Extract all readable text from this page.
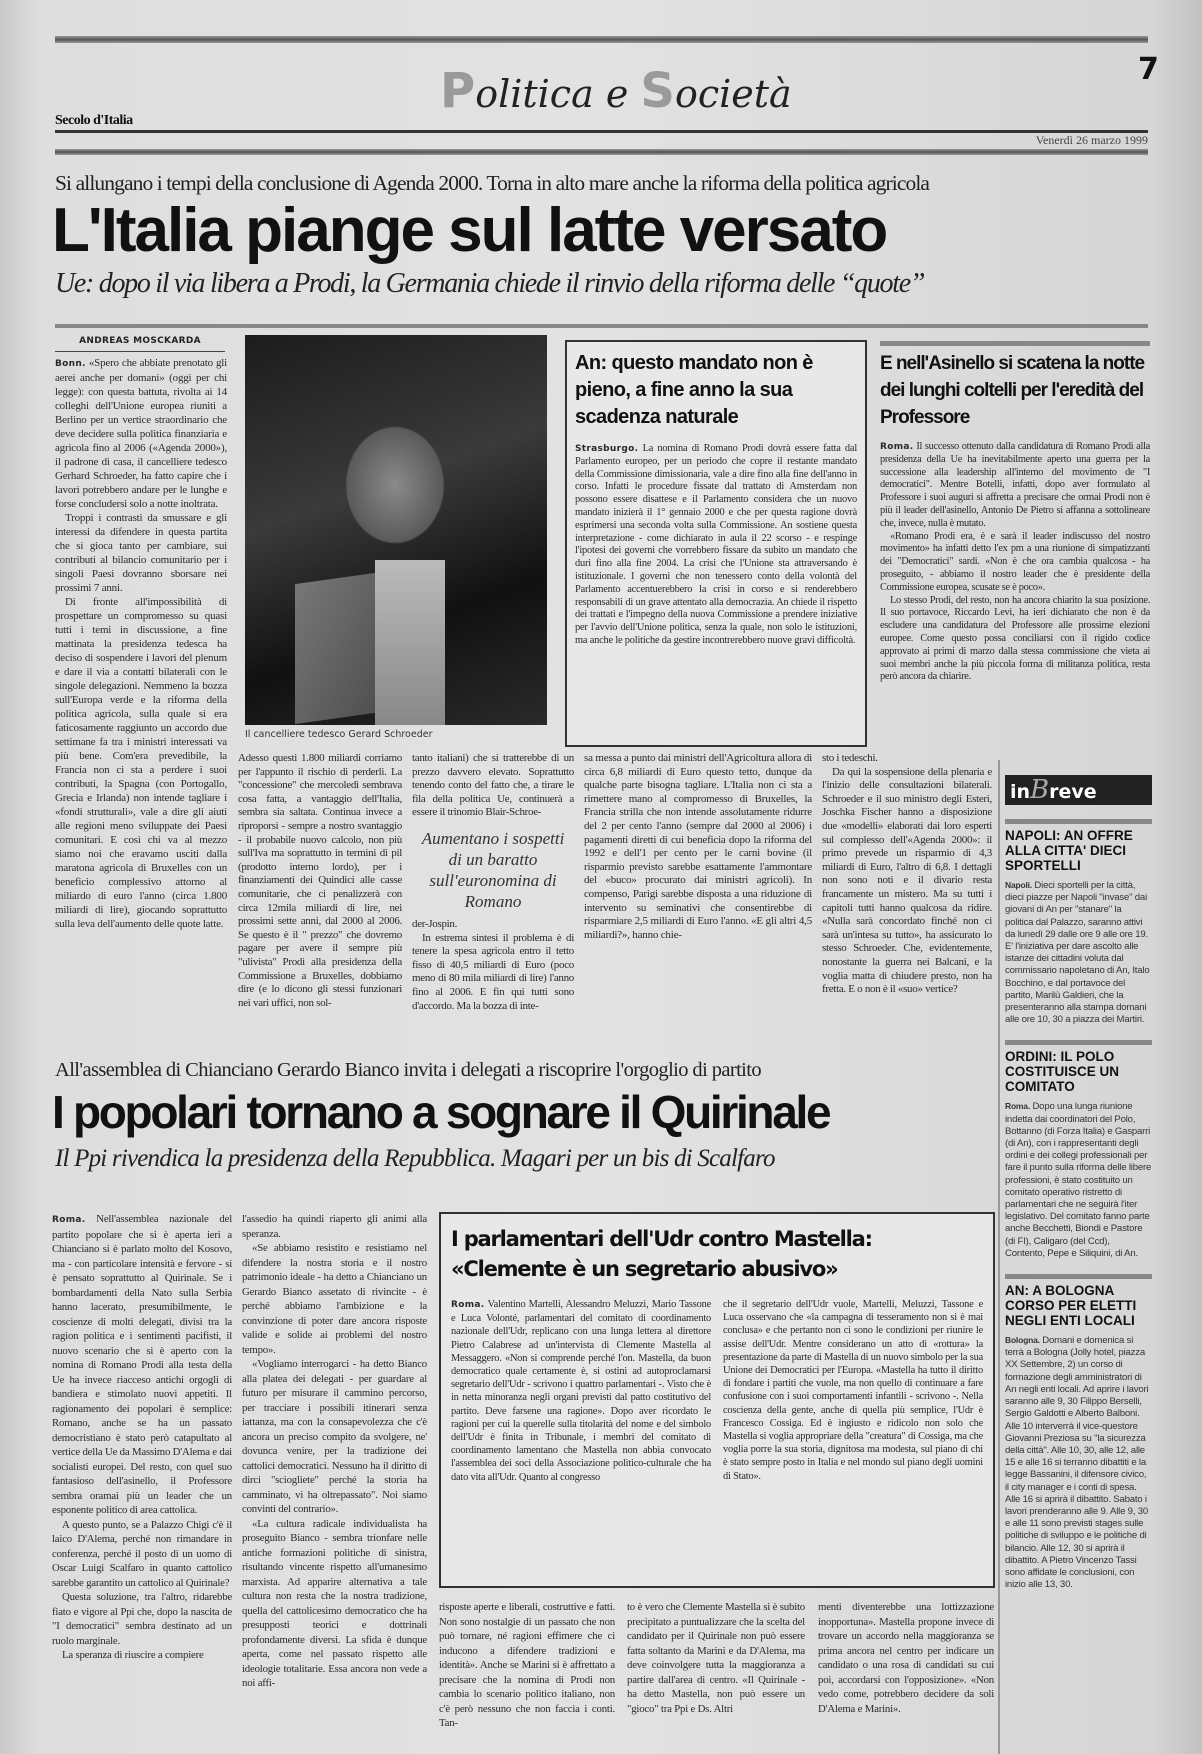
Politica e Società
7
Secolo d'Italia
Venerdì 26 marzo 1999
Si allungano i tempi della conclusione di Agenda 2000. Torna in alto mare anche la riforma della politica agricola
L'Italia piange sul latte versato
Ue: dopo il via libera a Prodi, la Germania chiede il rinvio della riforma delle “quote”
ANDREAS MOSCKARDA

Bonn. «Spero che abbiate prenotato gli aerei anche per domani» (oggi per chi legge): con questa battuta, rivolta ai 14 colleghi dell'Unione europea riuniti a Berlino per un vertice straordinario che deve decidere sulla politica finanziaria e agricola fino al 2006 («Agenda 2000»), il padrone di casa, il cancelliere tedesco Gerhard Schroeder, ha fatto capire che i lavori potrebbero andare per le lunghe e forse concludersi solo a notte inoltrata.

Troppi i contrasti da smussare e gli interessi da difendere in questa partita che si gioca tanto per cambiare, sui contributi al bilancio comunitario per i singoli Paesi dovranno sborsare nei prossimi 7 anni.

Di fronte all'impossibilità di prospettare un compromesso su quasi tutti i temi in discussione, a fine mattinata la presidenza tedesca ha deciso di sospendere i lavori del plenum e dare il via a contatti bilaterali con le singole delegazioni. Nemmeno la bozza sull'Europa verde e la riforma della politica agricola, sulla quale si era faticosamente raggiunto un accordo due settimane fa tra i ministri interessati va più bene. Com'era prevedibile, la Francia non ci sta a perdere i suoi contributi, la Spagna (con Portogallo, Grecia e Irlanda) non intende tagliare i «fondi strutturali», vale a dire gli aiuti alle regioni meno sviluppate dei Paesi comunitari. E così chi va al mezzo siamo noi che eravamo usciti dalla maratona agricola di Bruxelles con un beneficio complessivo attorno al miliardo di euro l'anno (circa 1.800 miliardi di lire), giocando soprattutto sulla leva dell'aumento delle quote latte.

Il cancelliere tedesco Gerard Schroeder
An: questo mandato non è pieno, a fine anno la sua scadenza naturale

Strasburgo. La nomina di Romano Prodi dovrà essere fatta dal Parlamento europeo, per un periodo che copre il restante mandato della Commissione dimissionaria, vale a dire fino alla fine dell'anno in corso. Infatti le procedure fissate dal trattato di Amsterdam non possono essere disattese e il Parlamento considera che un nuovo mandato inizierà il 1° gennaio 2000 e che per questa ragione dovrà esprimersi una seconda volta sulla Commissione. An sostiene questa interpretazione - come dichiarato in aula il 22 scorso - e respinge l'ipotesi dei governi che vorrebbero fissare da subito un mandato che duri fino alla fine 2004. La crisi che l'Unione sta attraversando è istituzionale. I governi che non tenessero conto della volontà del Parlamento accentuerebbero la crisi in corso e si renderebbero responsabili di un grave attentato alla democrazia. An chiede il rispetto dei trattati e l'impegno della nuova Commissione a prendere iniziative per l'avvio dell'Unione politica, senza la quale, non solo le istituzioni, ma anche le politiche da gestire incontrerebbero nuove gravi difficoltà.

E nell'Asinello si scatena la notte dei lunghi coltelli per l'eredità del Professore

Roma. Il successo ottenuto dalla candidatura di Romano Prodi alla presidenza della Ue ha inevitabilmente aperto una guerra per la successione alla leadership all'interno del movimento de "I democratici". Mentre Botelli, infatti, dopo aver formulato al Professore i suoi auguri si affretta a precisare che ormai Prodi non è più il leader dell'asinello, Antonio De Pietro si affanna a sottolineare che, invece, nulla è mutato.

«Romano Prodi era, è e sarà il leader indiscusso del nostro movimento» ha infatti detto l'ex pm a una riunione di simpatizzanti dei "Democratici" sardi. «Non è che ora cambia qualcosa - ha proseguito, - abbiamo il nostro leader che è presidente della Commissione europea, scusate se è poco».

Lo stesso Prodi, del resto, non ha ancora chiarito la sua posizione. Il suo portavoce, Riccardo Levi, ha ieri dichiarato che non è da escludere una candidatura del Professore alle prossime elezioni europee. Come questo possa conciliarsi con il rigido codice approvato ai primi di marzo dalla stessa commissione che vieta ai suoi membri anche la più piccola forma di militanza politica, resta però ancora da chiarire.

Adesso questi 1.800 miliardi corriamo per l'appunto il rischio di perderli. La "concessione" che mercoledì sembrava cosa fatta, a vantaggio dell'Italia, sembra sia saltata. Continua invece a riproporsi - sempre a nostro svantaggio - il probabile nuovo calcolo, non più sull'Iva ma soprattutto in termini di pil (prodotto interno lordo), per i finanziamenti dei Quindici alle casse comunitarie, che ci penalizzerà con circa 12mila miliardi di lire, nei prossimi sette anni, dal 2000 al 2006. Se questo è il " prezzo" che dovremo pagare per avere il sempre più "ulivista" Prodi alla presidenza della Commissione a Bruxelles, dobbiamo dire (e lo dicono gli stessi funzionari nei vari uffici, non sol-

tanto italiani) che si tratterebbe di un prezzo davvero elevato. Soprattutto tenendo conto del fatto che, a tirare le fila della politica Ue, continuerà a essere il trinomio Blair-Schroe-

Aumentano i sospetti di un baratto sull'euronomina di Romano

der-Jospin.

In estrema sintesi il problema è di tenere la spesa agricola entro il tetto fisso di 40,5 miliardi di Euro (poco meno di 80 mila miliardi di lire) l'anno fino al 2006. E fin qui tutti sono d'accordo. Ma la bozza di inte-

sa messa a punto dai ministri dell'Agricoltura allora di circa 6,8 miliardi di Euro questo tetto, dunque da qualche parte bisogna tagliare. L'Italia non ci sta a rimettere mano al compromesso di Bruxelles, la Francia strilla che non intende assolutamente ridurre del 2 per cento l'anno (sempre dal 2000 al 2006) i pagamenti diretti di cui beneficia dopo la riforma del 1992 e dell'1 per cento per le carni bovine (il risparmio previsto sarebbe esattamente l'ammontare del «buco» procurato dai ministri agricoli). In compenso, Parigi sarebbe disposta a una riduzione di intervento su seminativi che consentirebbe di risparmiare 2,5 miliardi di Euro l'anno. «E gli altri 4,5 miliardi?», hanno chie-

sto i tedeschi.

Da qui la sospensione della plenaria e l'inizio delle consultazioni bilaterali. Schroeder e il suo ministro degli Esteri, Joschka Fischer hanno a disposizione due «modelli» elaborati dai loro esperti sul complesso dell'«Agenda 2000»: il primo prevede un risparmio di 4,3 miliardi di Euro, l'altro di 6,8. I dettagli non sono noti e il divario resta francamente un mistero. Ma su tutti i capitoli tutti hanno qualcosa da ridire. «Nulla sarà concordato finché non ci sarà un'intesa su tutto», ha assicurato lo stesso Schroeder. Che, evidentemente, nonostante la guerra nei Balcani, e la voglia matta di chiudere presto, non ha fretta. E o non è il «suo» vertice?

inBreve
NAPOLI: AN OFFRE ALLA CITTA' DIECI SPORTELLI
Napoli. Dieci sportelli per la città, dieci piazze per Napoli "invase" dai giovani di An per "stanare" la politica dal Palazzo, saranno attivi da lunedì 29 dalle ore 9 alle ore 19. E' l'iniziativa per dare ascolto alle istanze dei cittadini voluta dal commissario napoletano di An, Italo Bocchino, e dal portavoce del partito, Marilù Galdieri, che la presenteranno alla stampa domani alle ore 10, 30 a piazza dei Martiri.
ORDINI: IL POLO COSTITUISCE UN COMITATO
Roma. Dopo una lunga riunione indetta dai coordinatori del Polo, Bottanno (di Forza Italia) e Gasparri (di An), con i rappresentanti degli ordini e dei collegi professionali per fare il punto sulla riforma delle libere professioni, è stato costituito un comitato operativo ristretto di parlamentari che ne seguirà l'iter legislativo. Del comitato fanno parte anche Becchetti, Biondi e Pastore (di FI), Caligaro (del Ccd), Contento, Pepe e Siliquini, di An.
AN: A BOLOGNA CORSO PER ELETTI NEGLI ENTI LOCALI
Bologna. Domani e domenica si terrà a Bologna (Jolly hotel, piazza XX Settembre, 2) un corso di formazione degli amministratori di An negli enti locali. Ad aprire i lavori saranno alle 9, 30 Filippo Berselli, Sergio Galdotti e Alberto Balboni. Alle 10 interverrà il vice-questore Giovanni Preziosa su "la sicurezza della città". Alle 10, 30, alle 12, alle 15 e alle 16 si terranno dibattiti e la legge Bassanini, il difensore civico, il city manager e i conti di spesa. Alle 16 si aprirà il dibattito. Sabato i lavori prenderanno alle 9. Alle 9, 30 e alle 11 sono previsti stages sulle politiche di sviluppo e le politiche di bilancio. Alle 12, 30 si aprirà il dibattito. A Pietro Vincenzo Tassi sono affidate le conclusioni, con inizio alle 13, 30.
All'assemblea di Chianciano Gerardo Bianco invita i delegati a riscoprire l'orgoglio di partito
I popolari tornano a sognare il Quirinale
Il Ppi rivendica la presidenza della Repubblica. Magari per un bis di Scalfaro

Roma. Nell'assemblea nazionale del partito popolare che si è aperta ieri a Chianciano si è parlato molto del Kosovo, ma - con particolare intensità e fervore - si è pensato soprattutto al Quirinale. Se i bombardamenti della Nato sulla Serbia hanno lacerato, presumibilmente, le coscienze di molti delegati, divisi tra la ragion politica e i sentimenti pacifisti, il nuovo scenario che si è aperto con la nomina di Romano Prodi alla testa della Ue ha invece riacceso antichi orgogli di bandiera e stimolato nuovi appetiti. Il ragionamento dei popolari è semplice: Romano, anche se ha un passato democristiano è stato però catapultato al vertice della Ue da Massimo D'Alema e dai socialisti europei. Del resto, con quel suo fantasioso dell'asinello, il Professore sembra oramai più un leader che un esponente politico di area cattolica.

A questo punto, se a Palazzo Chigi c'è il laico D'Alema, perché non rimandare in conferenza, perché il posto di un uomo di Oscar Luigi Scalfaro in quanto cattolico sarebbe garantito un cattolico al Quirinale?

Questa soluzione, tra l'altro, ridarebbe fiato e vigore al Ppi che, dopo la nascita de "I democratici" sembra destinato ad un ruolo marginale.

La speranza di riuscire a compiere

l'assedio ha quindi riaperto gli animi alla speranza.

«Se abbiamo resistito e resistiamo nel difendere la nostra storia e il nostro patrimonio ideale - ha detto a Chianciano un Gerardo Bianco assetato di rivincite - è perché abbiamo l'ambizione e la convinzione di poter dare ancora risposte valide e solide ai problemi del nostro tempo».

«Vogliamo interrogarci - ha detto Bianco alla platea dei delegati - per guardare al futuro per misurare il cammino percorso, per tracciare i possibili itinerari senza iattanza, ma con la consapevolezza che c'è ancora un preciso compito da svolgere, ne' dovunca venire, per la tradizione dei cattolici democratici. Nessuno ha il diritto di dirci "sciogliete" perché la storia ha camminato, vi ha oltrepassato". Noi siamo convinti del contrario».

«La cultura radicale individualista ha proseguito Bianco - sembra trionfare nelle antiche formazioni politiche di sinistra, risultando vincente rispetto all'umanesimo marxista. Ad apparire alternativa a tale cultura non resta che la nostra tradizione, quella del cattolicesimo democratico che ha presupposti teorici e dottrinali profondamente diversi. La sfida è dunque aperta, come nel passato rispetto alle ideologie totalitarie. Essa ancora non vede a noi affi-

I parlamentari dell'Udr contro Mastella:
«Clemente è un segretario abusivo»

Roma. Valentino Martelli, Alessandro Meluzzi, Mario Tassone e Luca Volonté, parlamentari del comitato di coordinamento nazionale dell'Udr, replicano con una lunga lettera al direttore Pietro Calabrese ad un'intervista di Clemente Mastella al Messaggero. «Non si comprende perché l'on. Mastella, da buon democratico quale certamente è, si ostini ad autoproclamarsi segretario dell'Udr - scrivono i quattro parlamentari -. Visto che è in netta minoranza negli organi previsti dal patto costitutivo del partito. Deve farsene una ragione». Dopo aver ricordato le ragioni per cui la querelle sulla titolarità del nome e del simbolo dell'Udr è finita in Tribunale, i membri del comitato di coordinamento lamentano che Mastella non abbia convocato l'assemblea dei soci della Associazione politico-culturale che ha dato vita all'Udr. Quanto al congresso

che il segretario dell'Udr vuole, Martelli, Meluzzi, Tassone e Luca osservano che «la campagna di tesseramento non si è mai conclusa» e che pertanto non ci sono le condizioni per riunire le assise dell'Udr. Mentre considerano un atto di «rottura» la presentazione da parte di Mastella di un nuovo simbolo per la sua Unione dei Democratici per l'Europa. «Mastella ha tutto il diritto di fondare i partiti che vuole, ma non quello di continuare a fare confusione con i suoi comportamenti infantili - scrivono -. Nella coscienza della gente, anche di quella più semplice, l'Udr è Francesco Cossiga. Ed è ingiusto e ridicolo non solo che Mastella si voglia appropriare della "creatura" di Cossiga, ma che voglia porre la sua storia, dignitosa ma modesta, sul piano di chi è stato sempre posto in Italia e nel mondo sul piano degli uomini di Stato».

risposte aperte e liberali, costruttive e fatti. Non sono nostalgie di un passato che non può tornare, né ragioni effimere che ci inducono a difendere tradizioni e identità». Anche se Marini si è affrettato a precisare che la nomina di Prodi non cambia lo scenario politico italiano, non c'è però nessuno che non faccia i conti. Tan-

to è vero che Clemente Mastella si è subito precipitato a puntualizzare che la scelta del candidato per il Quirinale non può essere fatta soltanto da Marini e da D'Alema, ma deve coinvolgere tutta la maggioranza a partire dall'area di centro. «Il Quirinale - ha detto Mastella, non può essere un "gioco" tra Ppi e Ds. Altri

menti diventerebbe una lottizzazione inopportuna». Mastella propone invece di trovare un accordo nella maggioranza se prima ancora nel centro per indicare un candidato o una rosa di candidati su cui poi, accordarsi con l'opposizione». «Non vedo come, potrebbero decidere da soli D'Alema e Marini».
